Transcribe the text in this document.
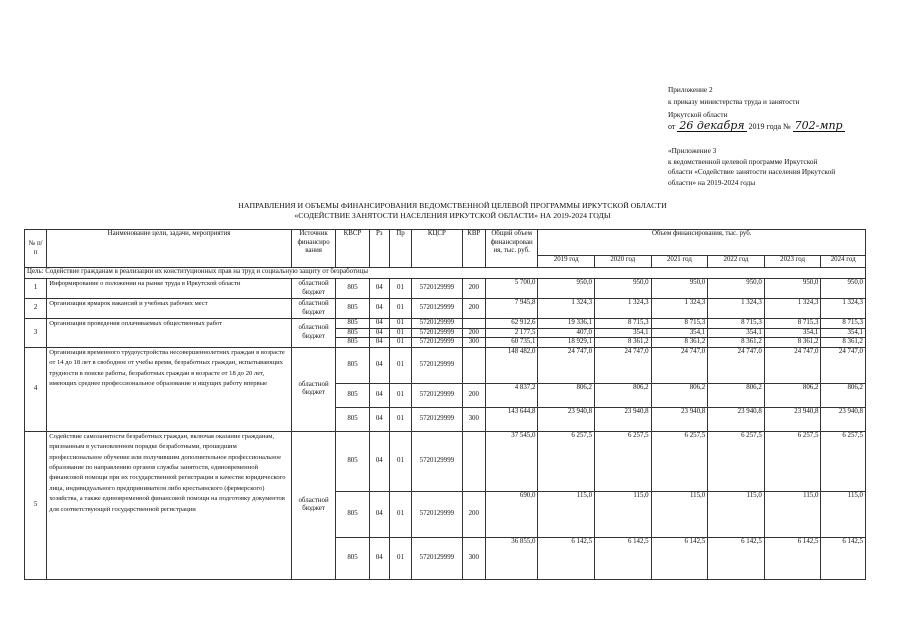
Приложение 2
к приказу министерства труда и занятости
Иркутской области
от 26 декабря 2019 года № 702-мпр
«Приложение 3
к ведомственной целевой программе Иркутской
области «Содействие занятости населения Иркутской
области» на 2019-2024 годы
НАПРАВЛЕНИЯ И ОБЪЕМЫ ФИНАНСИРОВАНИЯ ВЕДОМСТВЕННОЙ ЦЕЛЕВОЙ ПРОГРАММЫ ИРКУТСКОЙ ОБЛАСТИ
«СОДЕЙСТВИЕ ЗАНЯТОСТИ НАСЕЛЕНИЯ ИРКУТСКОЙ ОБЛАСТИ» НА 2019-2024 ГОДЫ
№ п/п	Наименование цели, задачи, мероприятия	Источник финансиро вания	КВСР	Рз	Пр	КЦСР	КВР	Общий объем финансирован ия, тыс. руб.	Объем финансирования, тыс. руб.					
									2019 год	2020 год	2021 год	2022 год	2023 год	2024 год
Цель: Содействие гражданам в реализации их конституционных прав на труд и социальную защиту от безработицы														
1	Информирование о положении на рынке труда в Иркутской области	областной бюджет	805	04	01	5720129999	200	5 700,0	950,0	950,0	950,0	950,0	950,0	950,0
2	Организация ярмарок вакансий и учебных рабочих мест	областной бюджет	805	04	01	5720129999	200	7 945,8	1 324,3	1 324,3	1 324,3	1 324,3	1 324,3	1 324,3
3	Организация проведения оплачиваемых общественных работ	областной бюджет	805	04	01	5720129999		62 912,6	19 336,1	8 715,3	8 715,3	8 715,3	8 715,3	8 715,3
			805	04	01	5720129999	200	2 177,5	407,0	354,1	354,1	354,1	354,1	354,1
			805	04	01	5720129999	300	60 735,1	18 929,1	8 361,2	8 361,2	8 361,2	8 361,2	8 361,2
4	Организация временного трудоустройства несовершеннолетних граждан в возрасте от 14 до 18 лет в свободное от учебы время, безработных граждан, испытывающих трудности в поиске работы, безработных граждан в возрасте от 18 до 20 лет, имеющих среднее профессиональное образование и ищущих работу впервые	областной бюджет	805	04	01	5720129999		148 482,0	24 747,0	24 747,0	24 747,0	24 747,0	24 747,0	24 747,0
			805	04	01	5720129999	200	4 837,2	806,2	806,2	806,2	806,2	806,2	806,2
			805	04	01	5720129999	300	143 644,8	23 940,8	23 940,8	23 940,8	23 940,8	23 940,8	23 940,8
5	Содействие самозанятости безработных граждан, включая оказание гражданам, признанным в установленном порядке безработными, прошедшим профессиональное обучение или получившим дополнительное профессиональное образование по направлению органов службы занятости, единовременной финансовой помощи при их государственной регистрации в качестве юридического лица, индивидуального предпринимателя либо крестьянского (фермерского) хозяйства, а также единовременной финансовой помощи на подготовку документов для соответствующей государственной регистрации	областной бюджет	805	04	01	5720129999		37 545,0	6 257,5	6 257,5	6 257,5	6 257,5	6 257,5	6 257,5
			805	04	01	5720129999	200	690,0	115,0	115,0	115,0	115,0	115,0	115,0
			805	04	01	5720129999	300	36 855,0	6 142,5	6 142,5	6 142,5	6 142,5	6 142,5	6 142,5
